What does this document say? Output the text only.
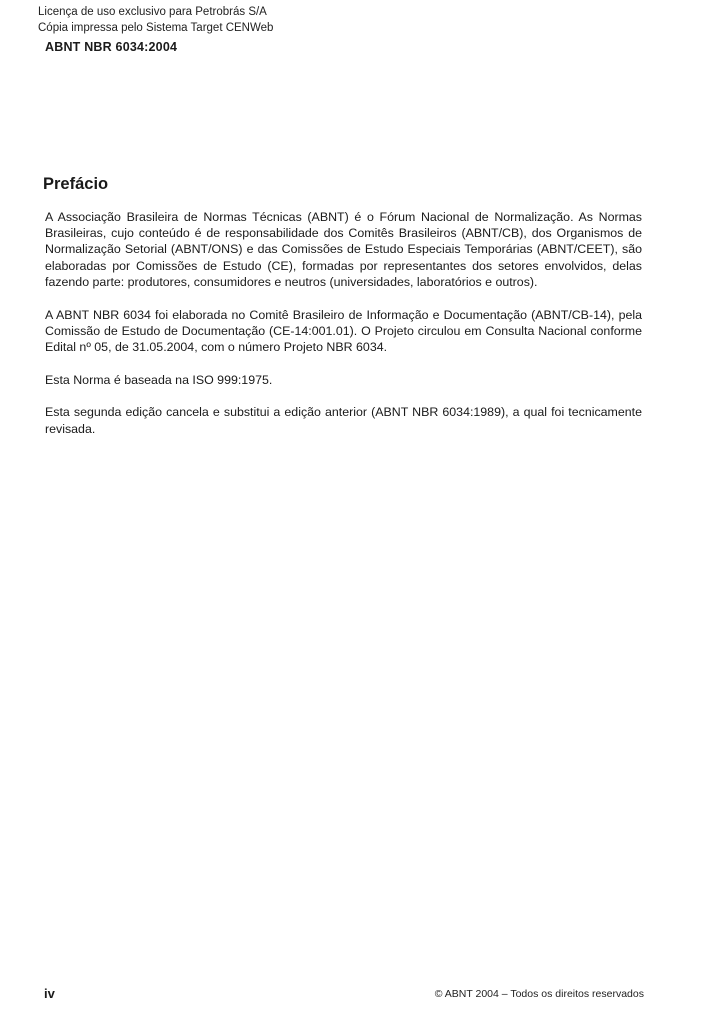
Licença de uso exclusivo para Petrobrás S/A
Cópia impressa pelo Sistema Target CENWeb
ABNT NBR 6034:2004
Prefácio

A Associação Brasileira de Normas Técnicas (ABNT) é o Fórum Nacional de Normalização. As Normas Brasileiras, cujo conteúdo é de responsabilidade dos Comitês Brasileiros (ABNT/CB), dos Organismos de Normalização Setorial (ABNT/ONS) e das Comissões de Estudo Especiais Temporárias (ABNT/CEET), são elaboradas por Comissões de Estudo (CE), formadas por representantes dos setores envolvidos, delas fazendo parte: produtores, consumidores e neutros (universidades, laboratórios e outros).

A ABNT NBR 6034 foi elaborada no Comitê Brasileiro de Informação e Documentação (ABNT/CB-14), pela Comissão de Estudo de Documentação (CE-14:001.01). O Projeto circulou em Consulta Nacional conforme Edital nº 05, de 31.05.2004, com o número Projeto NBR 6034.

Esta Norma é baseada na ISO 999:1975.

Esta segunda edição cancela e substitui a edição anterior (ABNT NBR 6034:1989), a qual foi tecnicamente revisada.

iv	© ABNT 2004 – Todos os direitos reservados
